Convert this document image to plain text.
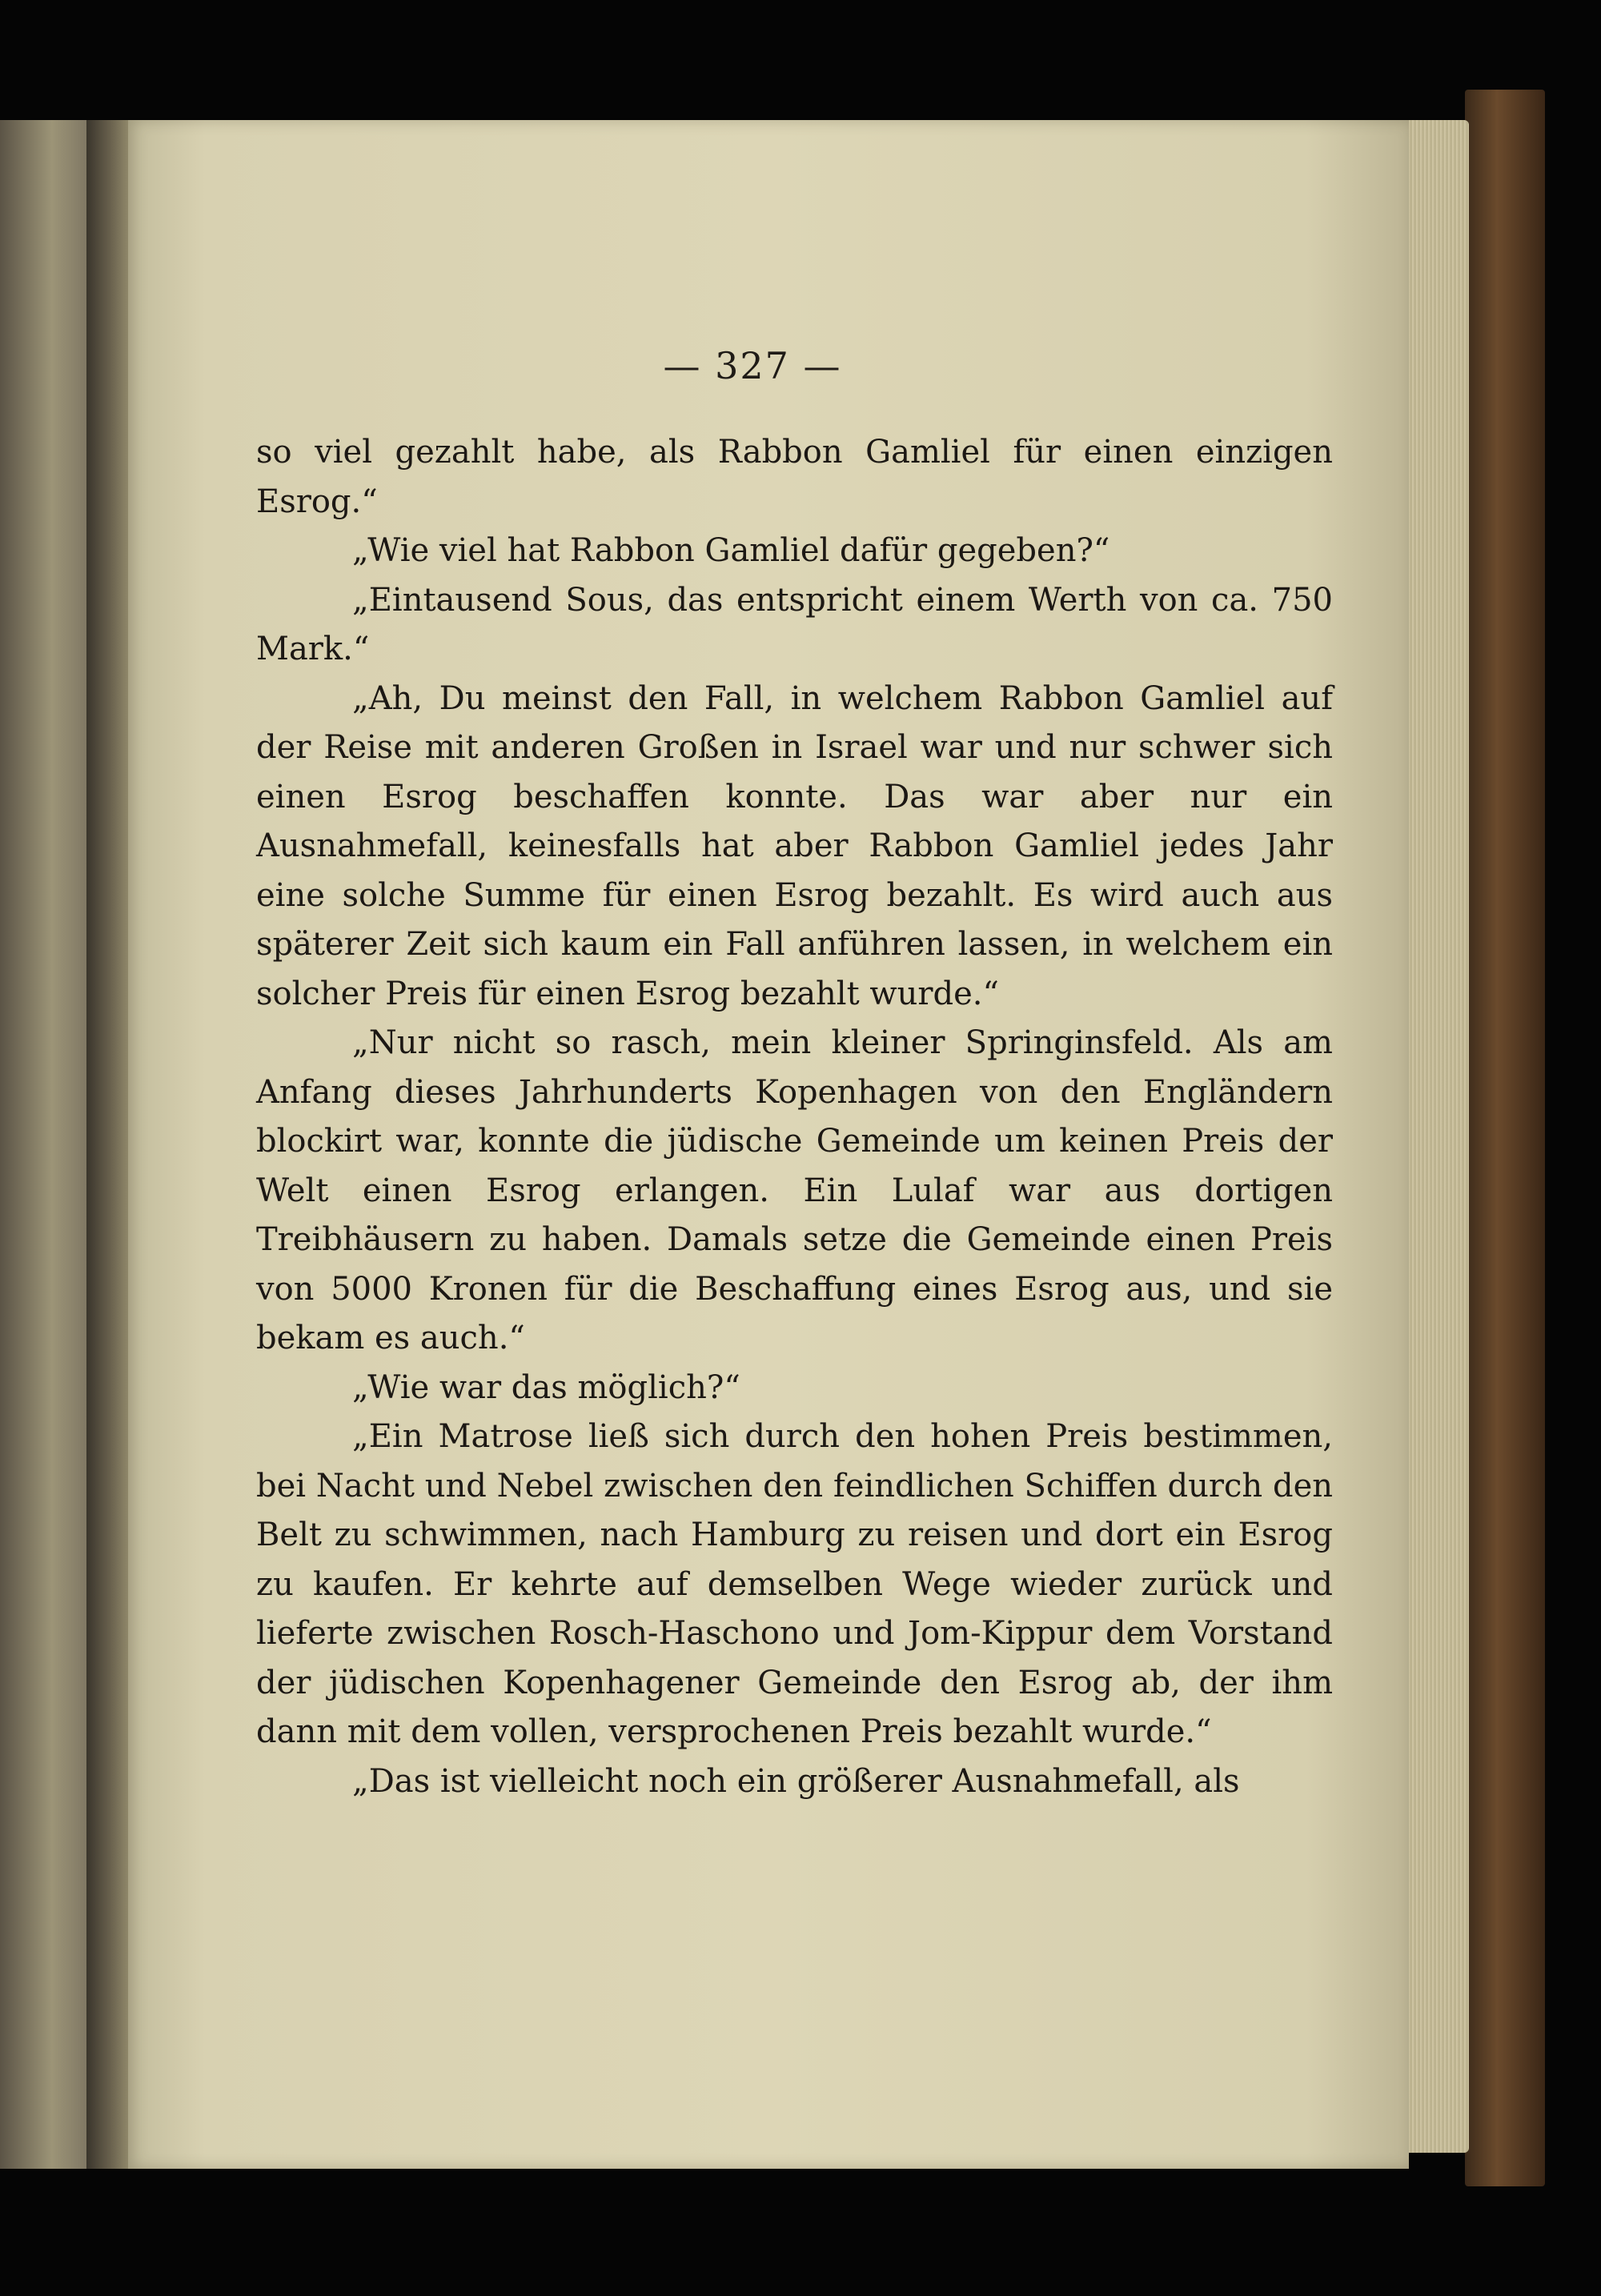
— 327 —

so viel gezahlt habe, als Rabbon Gamliel für einen einzigen Esrog.“

„Wie viel hat Rabbon Gamliel dafür gegeben?“

„Eintausend Sous, das entspricht einem Werth von ca. 750 Mark.“

„Ah, Du meinst den Fall, in welchem Rabbon Gamliel auf der Reise mit anderen Großen in Israel war und nur schwer sich einen Esrog beschaffen konnte. Das war aber nur ein Ausnahmefall, keinesfalls hat aber Rabbon Gamliel jedes Jahr eine solche Summe für einen Esrog bezahlt. Es wird auch aus späterer Zeit sich kaum ein Fall anführen lassen, in welchem ein solcher Preis für einen Esrog bezahlt wurde.“

„Nur nicht so rasch, mein kleiner Springinsfeld. Als am Anfang dieses Jahrhunderts Kopenhagen von den Engländern blockirt war, konnte die jüdische Gemeinde um keinen Preis der Welt einen Esrog erlangen. Ein Lulaf war aus dortigen Treibhäusern zu haben. Damals setze die Gemeinde einen Preis von 5000 Kronen für die Beschaffung eines Esrog aus, und sie bekam es auch.“

„Wie war das möglich?“

„Ein Matrose ließ sich durch den hohen Preis bestimmen, bei Nacht und Nebel zwischen den feindlichen Schiffen durch den Belt zu schwimmen, nach Hamburg zu reisen und dort ein Esrog zu kaufen. Er kehrte auf demselben Wege wieder zurück und lieferte zwischen Rosch-Haschono und Jom-Kippur dem Vorstand der jüdischen Kopenhagener Gemeinde den Esrog ab, der ihm dann mit dem vollen, versprochenen Preis bezahlt wurde.“

„Das ist vielleicht noch ein größerer Ausnahmefall, als
